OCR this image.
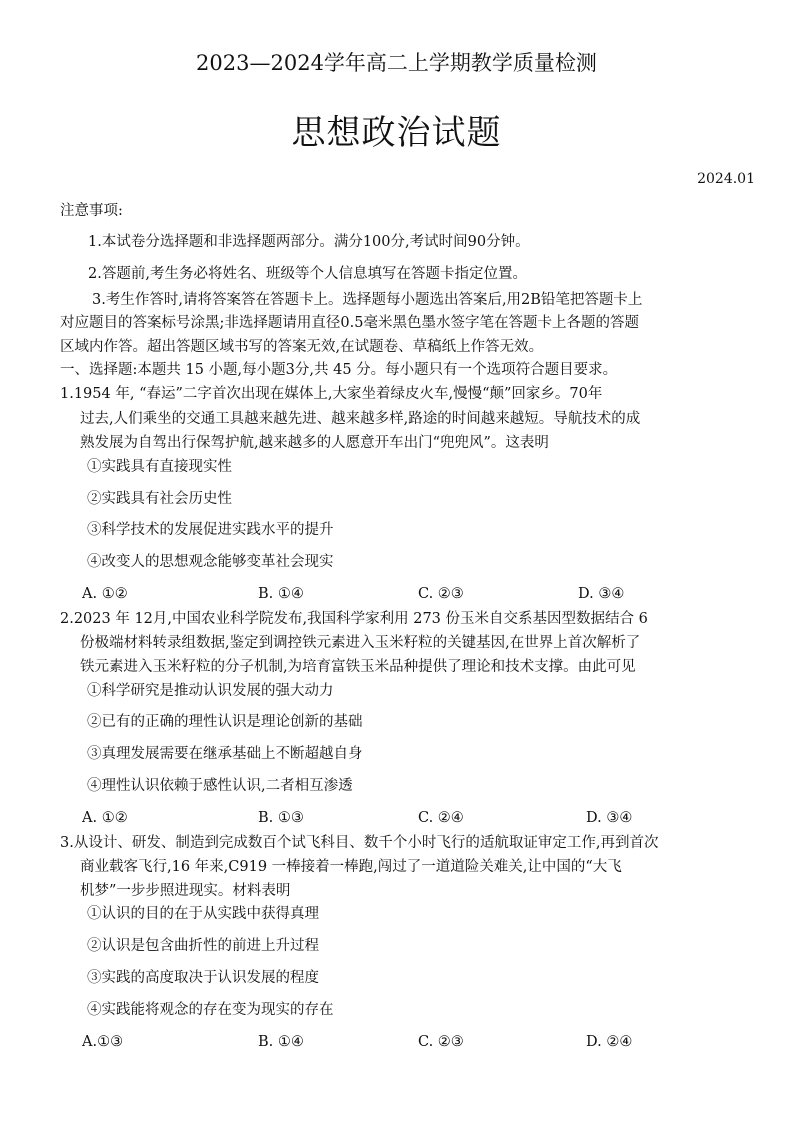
2023—2024学年高二上学期教学质量检测
思想政治试题
2024.01
注意事项:
1.本试卷分选择题和非选择题两部分。满分100分,考试时间90分钟。
2.答题前,考生务必将姓名、班级等个人信息填写在答题卡指定位置。
3.考生作答时,请将答案答在答题卡上。选择题每小题选出答案后,用2B铅笔把答题卡上
对应题目的答案标号涂黑;非选择题请用直径0.5毫米黑色墨水签字笔在答题卡上各题的答题
区域内作答。超出答题区域书写的答案无效,在试题卷、草稿纸上作答无效。
一、选择题:本题共 15 小题,每小题3分,共 45 分。每小题只有一个选项符合题目要求。
1.1954 年, “春运”二字首次出现在媒体上,大家坐着绿皮火车,慢慢“颠”回家乡。70年
过去,人们乘坐的交通工具越来越先进、越来越多样,路途的时间越来越短。导航技术的成
熟发展为自驾出行保驾护航,越来越多的人愿意开车出门“兜兜风”。这表明
①实践具有直接现实性
②实践具有社会历史性
③科学技术的发展促进实践水平的提升
④改变人的思想观念能够变革社会现实
A. ①②	B. ①④	C. ②③	D. ③④
2.2023 年 12月,中国农业科学院发布,我国科学家利用 273 份玉米自交系基因型数据结合 6
份极端材料转录组数据,鉴定到调控铁元素进入玉米籽粒的关键基因,在世界上首次解析了
铁元素进入玉米籽粒的分子机制,为培育富铁玉米品种提供了理论和技术支撑。由此可见
①科学研究是推动认识发展的强大动力
②已有的正确的理性认识是理论创新的基础
③真理发展需要在继承基础上不断超越自身
④理性认识依赖于感性认识,二者相互渗透
A. ①②	B. ①③	C. ②④	D. ③④
3.从设计、研发、制造到完成数百个试飞科目、数千个小时飞行的适航取证审定工作,再到首次
商业载客飞行,16 年来,C919 一棒接着一棒跑,闯过了一道道险关难关,让中国的“大飞
机梦”一步步照进现实。材料表明
①认识的目的在于从实践中获得真理
②认识是包含曲折性的前进上升过程
③实践的高度取决于认识发展的程度
④实践能将观念的存在变为现实的存在
A.①③	B. ①④	C. ②③	D. ②④
